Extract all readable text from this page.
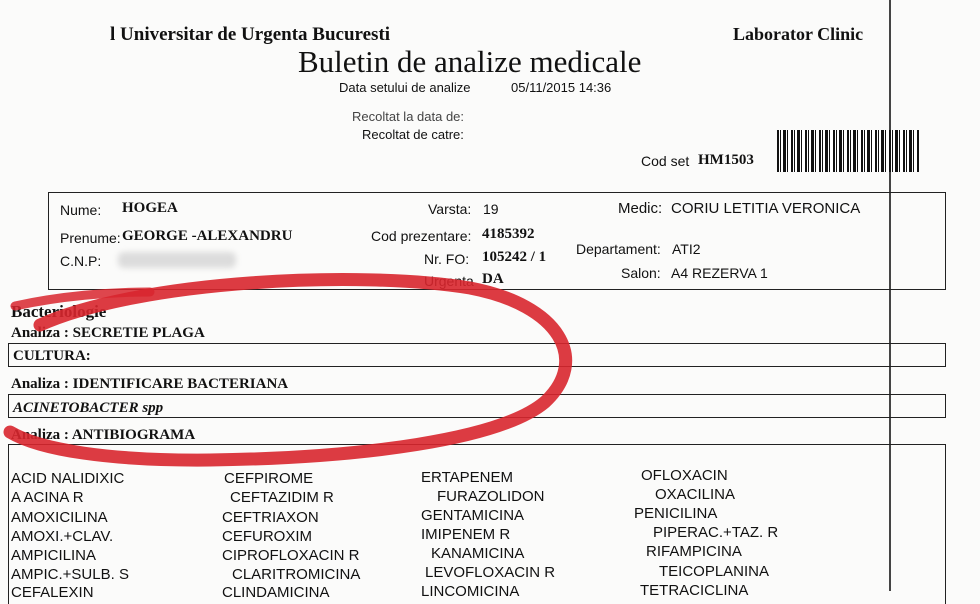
l Universitar de Urgenta Bucuresti	Laborator Clinic
Buletin de analize medicale
Data setului de analize	05/11/2015 14:36
Recoltat la data de:
Recoltat de catre:
Cod set HM1503
Nume: HOGEA
Prenume: GEORGE -ALEXANDRU
C.N.P:
Varsta: 19
Cod prezentare: 4185392
Nr. FO: 105242 / 1
Urgenta DA
Medic: CORIU LETITIA VERONICA
Departament: ATI2
Salon: A4 REZERVA 1
Bacteriologie
Analiza : SECRETIE PLAGA
CULTURA:
Analiza : IDENTIFICARE BACTERIANA
ACINETOBACTER spp
Analiza : ANTIBIOGRAMA
ACID NALIDIXIC
A ACINA R
AMOXICILINA
AMOXI.+CLAV.
AMPICILINA
AMPIC.+SULB. S
CEFALEXIN
CEFPIROME
CEFTAZIDIM R
CEFTRIAXON
CEFUROXIM
CIPROFLOXACIN R
CLARITROMICINA
CLINDAMICINA
ERTAPENEM
FURAZOLIDON
GENTAMICINA
IMIPENEM R
KANAMICINA
LEVOFLOXACIN R
LINCOMICINA
OFLOXACIN
OXACILINA
PENICILINA
PIPERAC.+TAZ. R
RIFAMPICINA
TEICOPLANINA
TETRACICLINA
